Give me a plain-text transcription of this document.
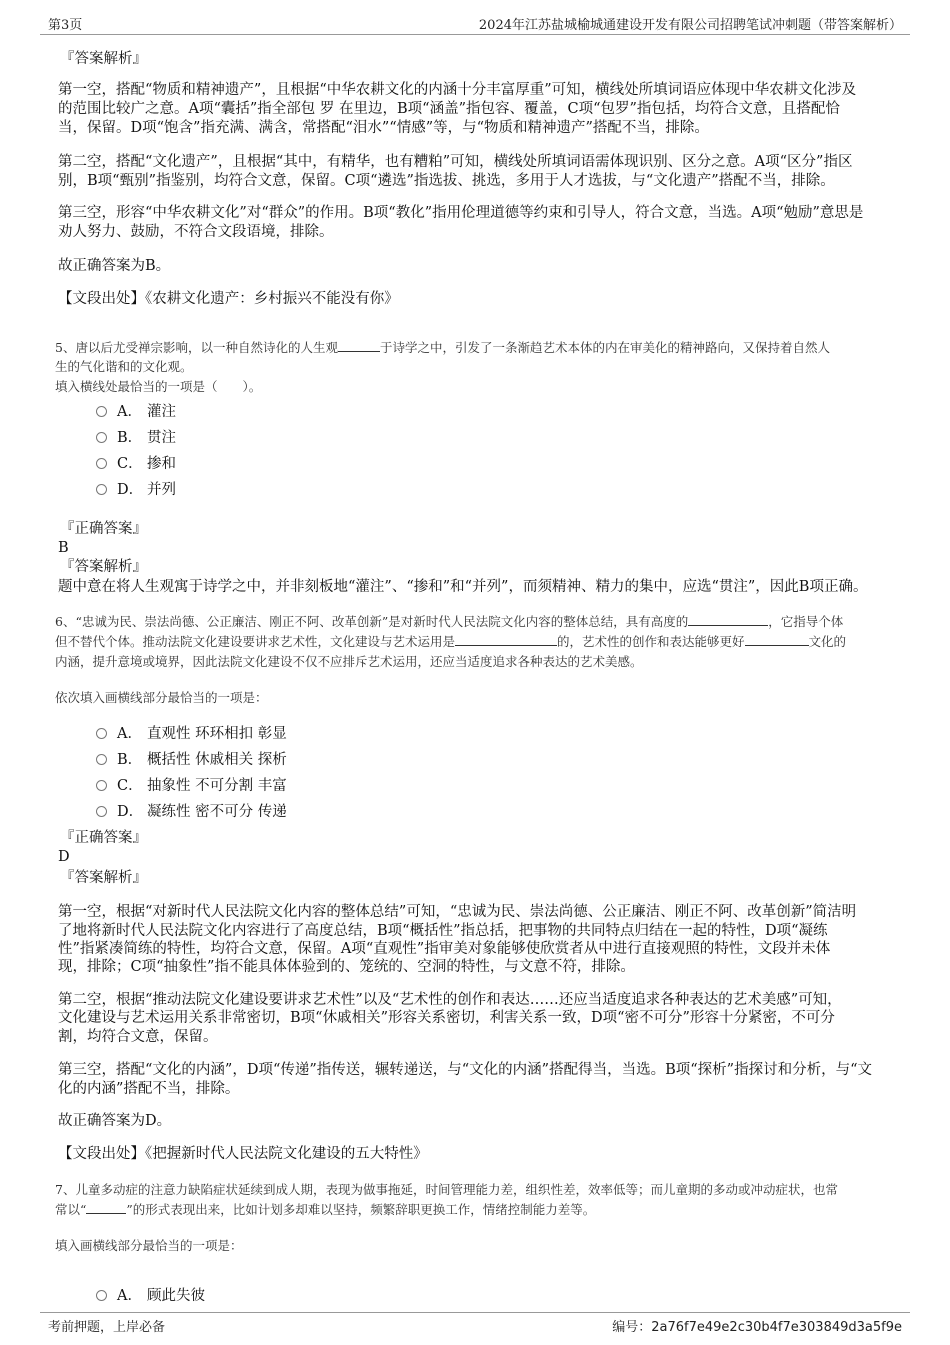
第3页	2024年江苏盐城榆城通建设开发有限公司招聘笔试冲刺题（带答案解析）
『答案解析』
第一空，搭配“物质和精神遗产”，且根据“中华农耕文化的内涵十分丰富厚重”可知，横线处所填词语应体现中华农耕文化涉及
的范围比较广之意。A项“囊括”指全部包 罗 在里边，B项“涵盖”指包容、覆盖，C项“包罗”指包括，均符合文意，且搭配恰
当，保留。D项“饱含”指充满、满含，常搭配“泪水”“情感”等，与“物质和精神遗产”搭配不当，排除。
第二空，搭配“文化遗产”，且根据“其中，有精华，也有糟粕”可知，横线处所填词语需体现识别、区分之意。A项“区分”指区
别，B项“甄别”指鉴别，均符合文意，保留。C项“遴选”指选拔、挑选，多用于人才选拔，与“文化遗产”搭配不当，排除。
第三空，形容“中华农耕文化”对“群众”的作用。B项“教化”指用伦理道德等约束和引导人，符合文意，当选。A项“勉励”意思是
劝人努力、鼓励，不符合文段语境，排除。
故正确答案为B。
【文段出处】《农耕文化遗产：乡村振兴不能没有你》
5、唐以后尤受禅宗影响，以一种自然诗化的人生观	于诗学之中，引发了一条渐趋艺术本体的内在审美化的精神路向，又保持着自然人
生的气化谐和的文化观。
填入横线处最恰当的一项是（　　）。
A． 灌注
B． 贯注
C． 掺和
D． 并列
『正确答案』
B
『答案解析』
题中意在将人生观寓于诗学之中，并非刻板地“灌注”、“掺和”和“并列”，而须精神、精力的集中，应选“贯注”，因此B项正确。
6、“忠诚为民、崇法尚德、公正廉洁、刚正不阿、改革创新”是对新时代人民法院文化内容的整体总结，具有高度的	，它指导个体
但不替代个体。推动法院文化建设要讲求艺术性，文化建设与艺术运用是	的，艺术性的创作和表达能够更好	文化的
内涵，提升意境或境界，因此法院文化建设不仅不应排斥艺术运用，还应当适度追求各种表达的艺术美感。
依次填入画横线部分最恰当的一项是：
A． 直观性 环环相扣 彰显
B． 概括性 休戚相关 探析
C． 抽象性 不可分割 丰富
D． 凝练性 密不可分 传递
『正确答案』
D
『答案解析』
第一空，根据“对新时代人民法院文化内容的整体总结”可知，“忠诚为民、崇法尚德、公正廉洁、刚正不阿、改革创新”简洁明
了地将新时代人民法院文化内容进行了高度总结，B项“概括性”指总括，把事物的共同特点归结在一起的特性，D项“凝练
性”指紧凑简练的特性，均符合文意，保留。A项“直观性”指审美对象能够使欣赏者从中进行直接观照的特性，文段并未体
现，排除；C项“抽象性”指不能具体体验到的、笼统的、空洞的特性，与文意不符，排除。
第二空，根据“推动法院文化建设要讲求艺术性”以及“艺术性的创作和表达……还应当适度追求各种表达的艺术美感”可知，
文化建设与艺术运用关系非常密切，B项“休戚相关”形容关系密切，利害关系一致，D项“密不可分”形容十分紧密，不可分
割，均符合文意，保留。
第三空，搭配“文化的内涵”，D项“传递”指传送，辗转递送，与“文化的内涵”搭配得当，当选。B项“探析”指探讨和分析，与“文
化的内涵”搭配不当，排除。
故正确答案为D。
【文段出处】《把握新时代人民法院文化建设的五大特性》
7、儿童多动症的注意力缺陷症状延续到成人期，表现为做事拖延，时间管理能力差，组织性差，效率低等；而儿童期的多动或冲动症状，也常
常以“	”的形式表现出来，比如计划多却难以坚持，频繁辞职更换工作，情绪控制能力差等。
填入画横线部分最恰当的一项是：
A． 顾此失彼
考前押题，上岸必备	编号：2a76f7e49e2c30b4f7e303849d3a5f9e
